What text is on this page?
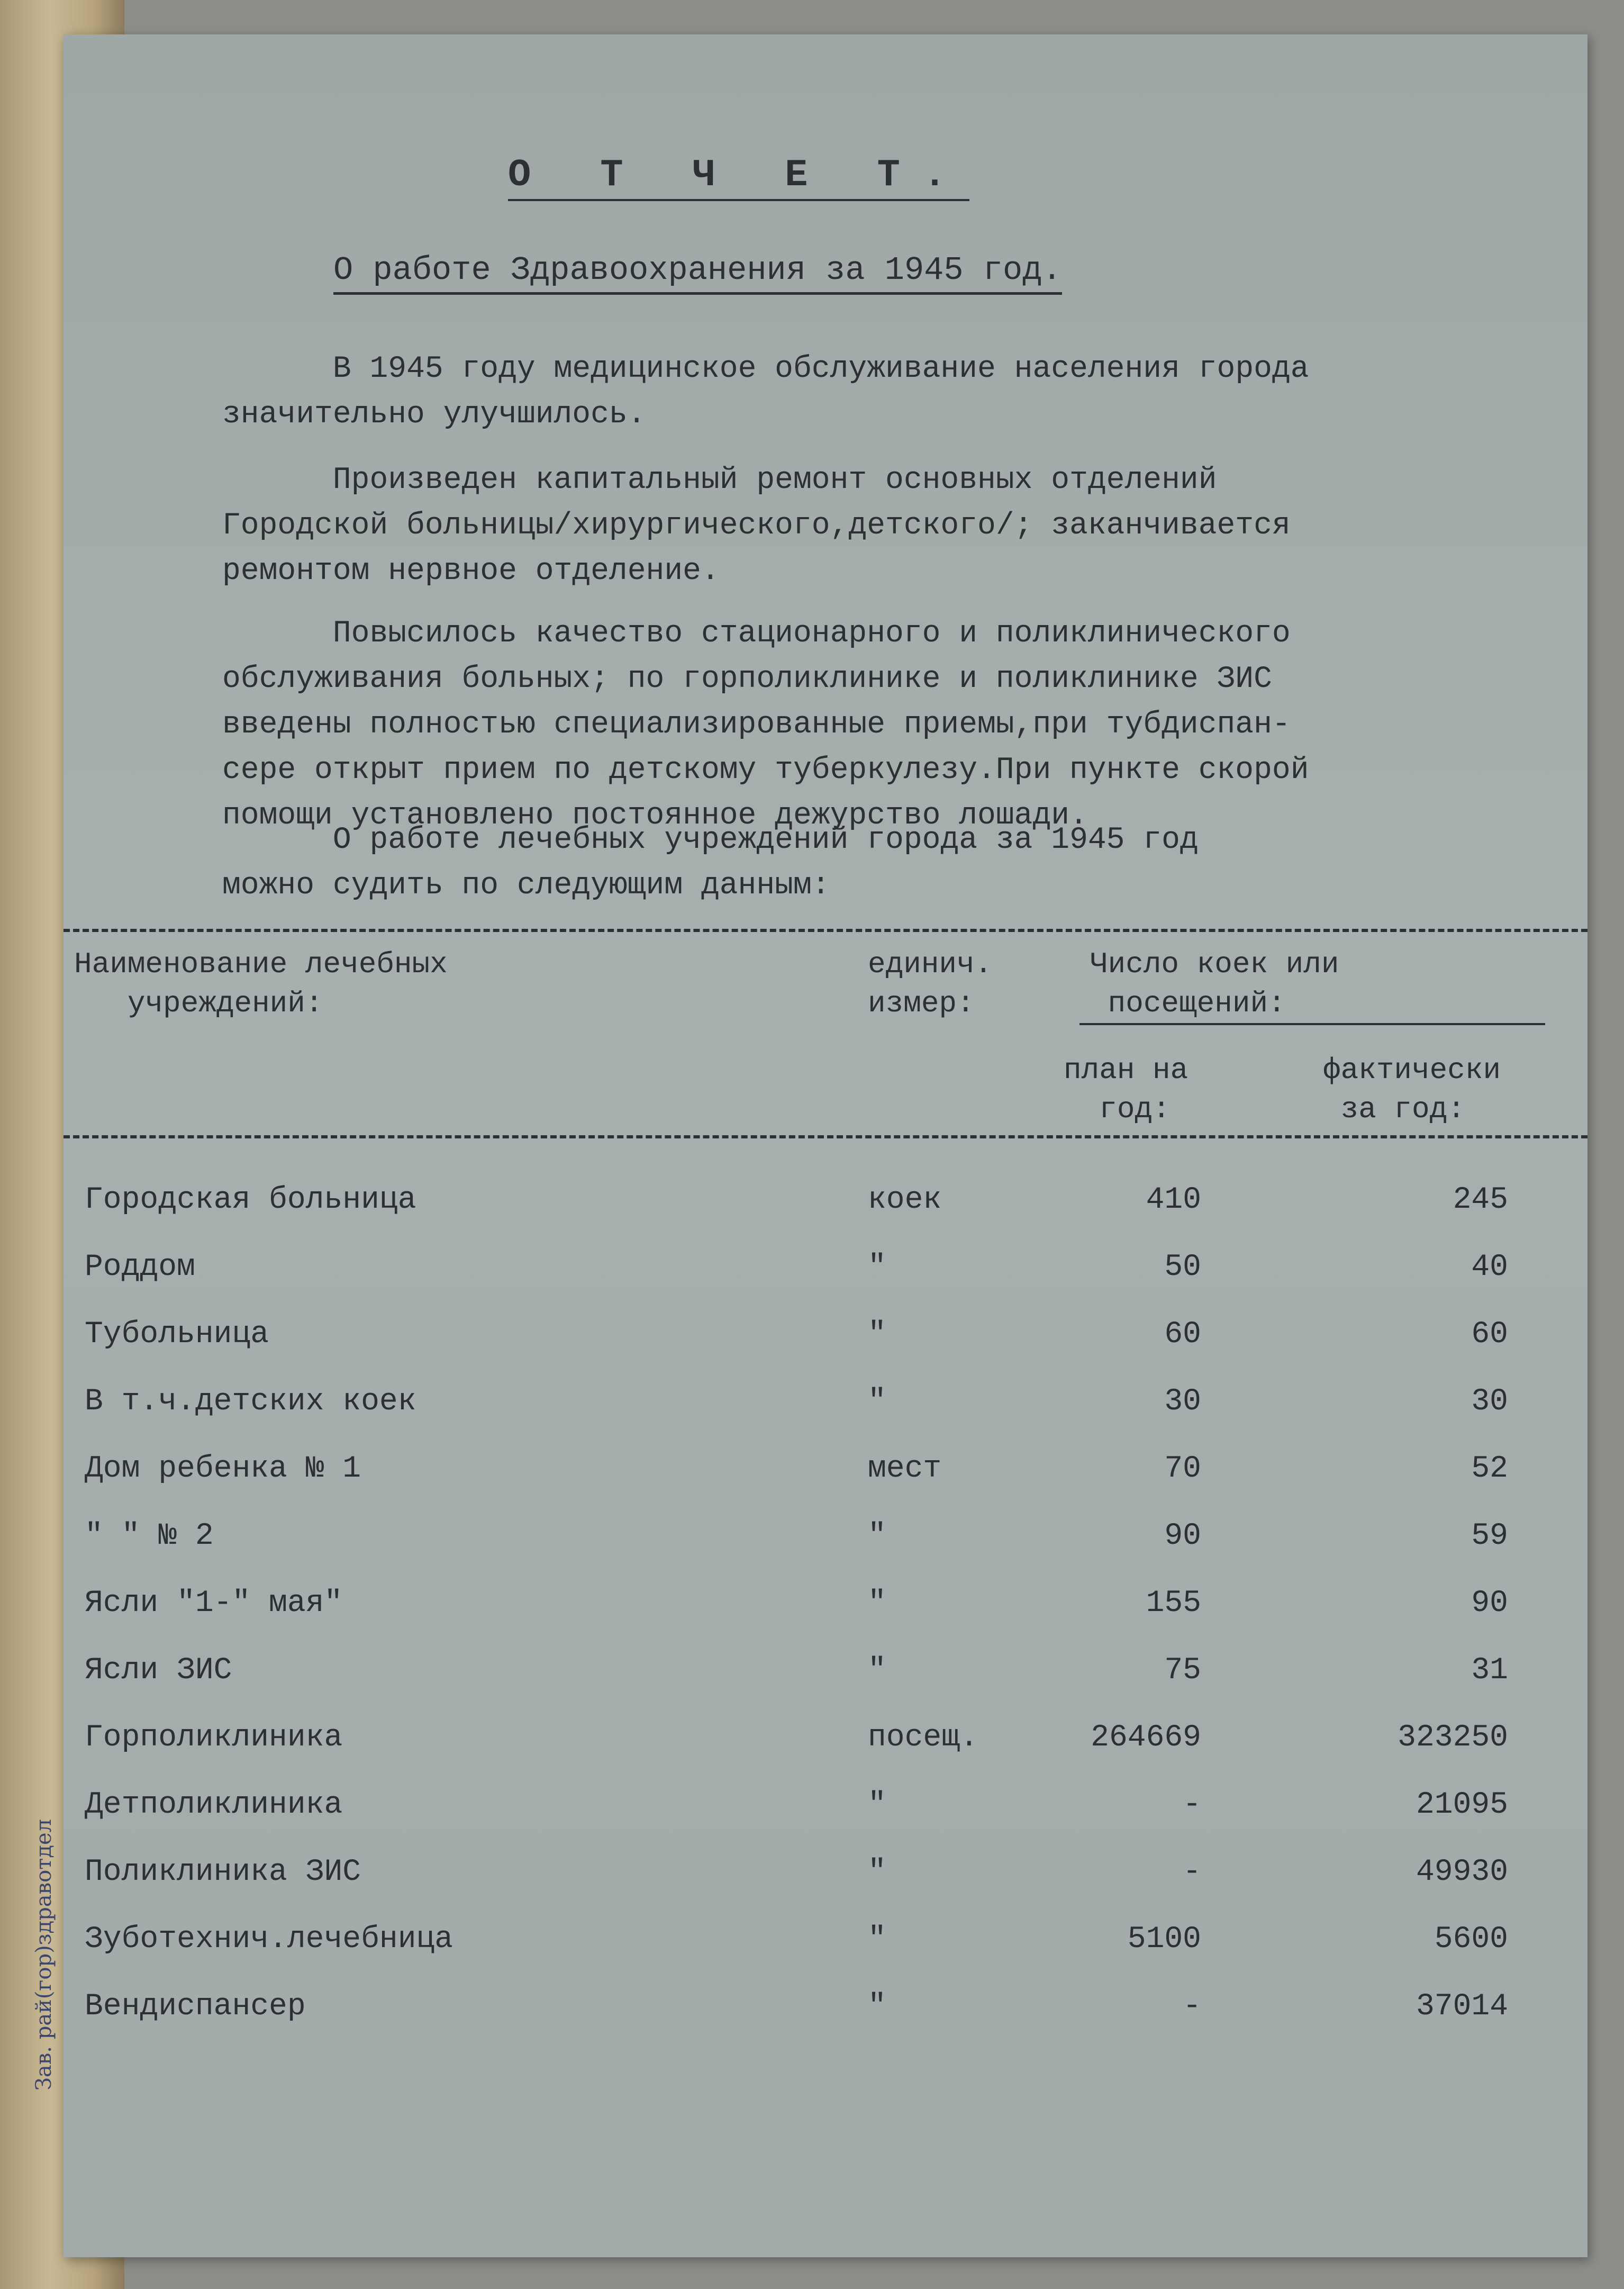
Зав. рай(гор)здравотдел
О Т Ч Е Т.
О работе Здравоохранения за 1945 год.

В 1945 году медицинское обслуживание населения города
значительно улучшилось.

Произведен капитальный ремонт основных отделений
Городской больницы/хирургического,детского/; заканчивается
ремонтом нервное отделение.

Повысилось качество стационарного и поликлинического
обслуживания больных; по горполиклинике и поликлинике ЗИС
введены полностью специализированные приемы,при тубдиспан-
сере открыт прием по детскому туберкулезу.При пункте скорой
помощи установлено постоянное дежурство лошади.

О работе лечебных учреждений города за 1945 год
можно судить по следующим данным:

Наименование лечебных
учреждений:
единич.
измер:
Число коек или
посещений:
план на
год:
фактически
за год:
Городская больница	коек	410	245
Роддом	"	50	40
Тубольница	"	60	60
В т.ч.детских коек	"	30	30
Дом ребенка № 1	мест	70	52
" " № 2	"	90	59
Ясли "1-" мая"	"	155	90
Ясли ЗИС	"	75	31
Горполиклиника	посещ.	264669	323250
Детполиклиника	"	-	21095
Поликлиника ЗИС	"	-	49930
Зуботехнич.лечебница	"	5100	5600
Вендиспансер	"	-	37014
